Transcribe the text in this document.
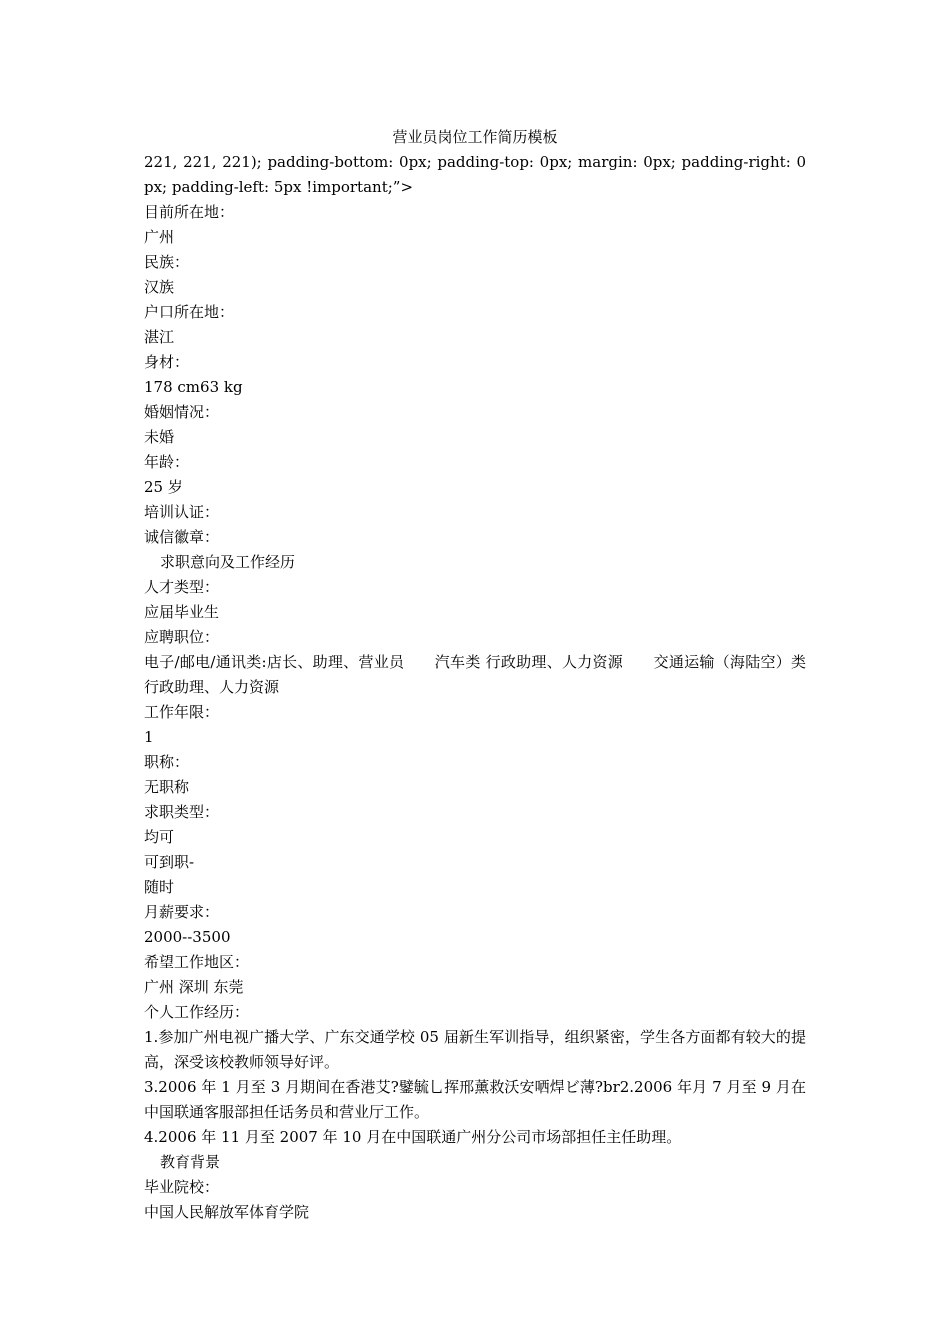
营业员岗位工作简历模板
221, 221, 221); padding-bottom: 0px; padding-top: 0px; margin: 0px; padding-right: 0px; padding-left: 5px !important;”>
目前所在地：
广州
民族：
汉族
户口所在地：
湛江
身材：
178 cm63 kg
婚姻情况：
未婚
年龄：
25 岁
培训认证：
诚信徽章：
求职意向及工作经历
人才类型：
应届毕业生
应聘职位：
电子/邮电/通讯类:店长、助理、营业员　　汽车类 行政助理、人力资源　　交通运输（海陆空）类 行政助理、人力资源
工作年限：
1
职称：
无职称
求职类型：
均可
可到职-
随时
月薪要求：
2000--3500
希望工作地区：
广州 深圳 东莞
个人工作经历：
1.参加广州电视广播大学、广东交通学校 05 届新生军训指导，组织紧密，学生各方面都有较大的提高，深受该校教师领导好评。
3.2006 年 1 月至 3 月期间在香港艾?鐾毓乚挥邢薰救沃安哂焊ビ薄?br2.2006 年月 7 月至 9 月在中国联通客服部担任话务员和营业厅工作。
4.2006 年 11 月至 2007 年 10 月在中国联通广州分公司市场部担任主任助理。
教育背景
毕业院校：
中国人民解放军体育学院
